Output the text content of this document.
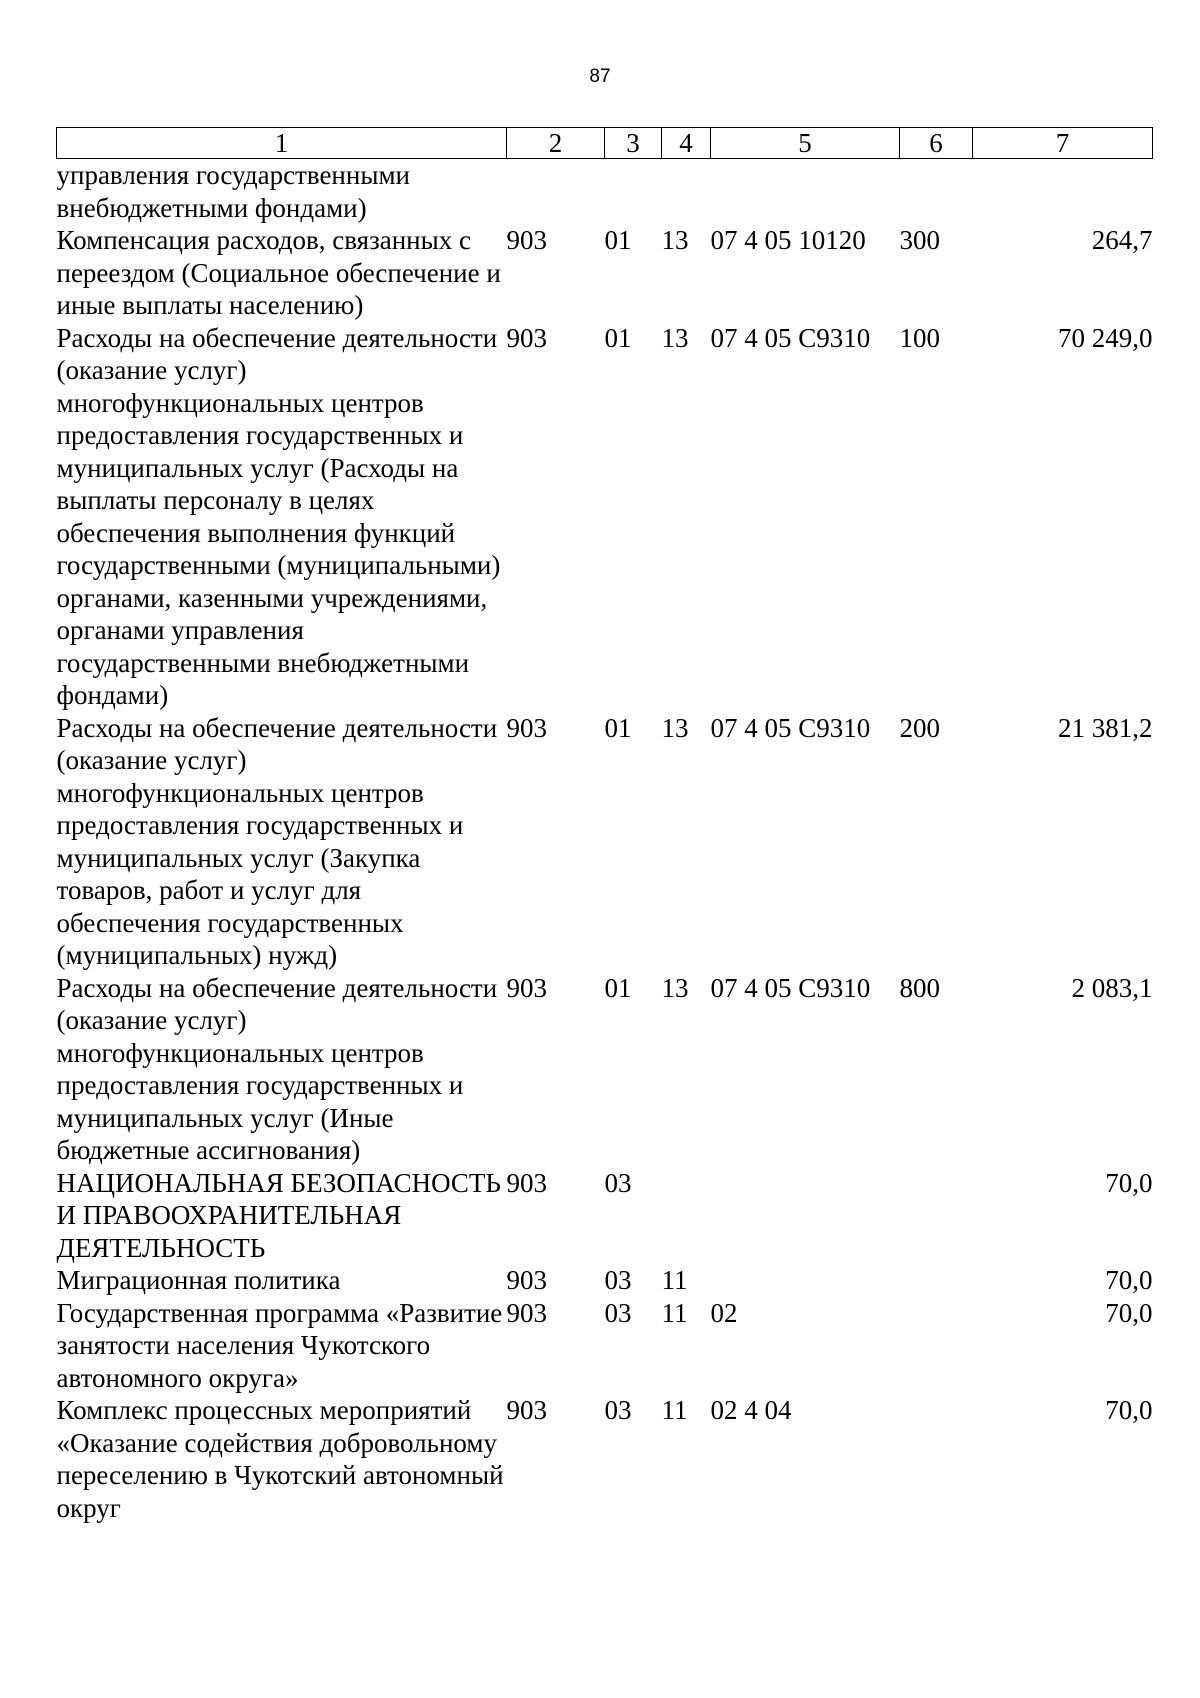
87
1	2	3	4	5	6	7
управления государственными внебюджетными фондами)						
Компенсация расходов, связанных с переездом (Социальное обеспечение и иные выплаты населению)	903	01	13	07 4 05 10120	300	264,7
Расходы на обеспечение деятельности (оказание услуг) многофункциональных центров предоставления государственных и муниципальных услуг (Расходы на выплаты персоналу в целях обеспечения выполнения функций государственными (муниципальными) органами, казенными учреждениями, органами управления государственными внебюджетными фондами)	903	01	13	07 4 05 С9310	100	70 249,0
Расходы на обеспечение деятельности (оказание услуг) многофункциональных центров предоставления государственных и муниципальных услуг (Закупка товаров, работ и услуг для обеспечения государственных (муниципальных) нужд)	903	01	13	07 4 05 С9310	200	21 381,2
Расходы на обеспечение деятельности (оказание услуг) многофункциональных центров предоставления государственных и муниципальных услуг (Иные бюджетные ассигнования)	903	01	13	07 4 05 С9310	800	2 083,1
НАЦИОНАЛЬНАЯ БЕЗОПАСНОСТЬ И ПРАВООХРАНИТЕЛЬНАЯ ДЕЯТЕЛЬНОСТЬ	903	03				70,0
Миграционная политика	903	03	11			70,0
Государственная программа «Развитие занятости населения Чукотского автономного округа»	903	03	11	02		70,0
Комплекс процессных мероприятий «Оказание содействия добровольному переселению в Чукотский автономный округ	903	03	11	02 4 04		70,0
